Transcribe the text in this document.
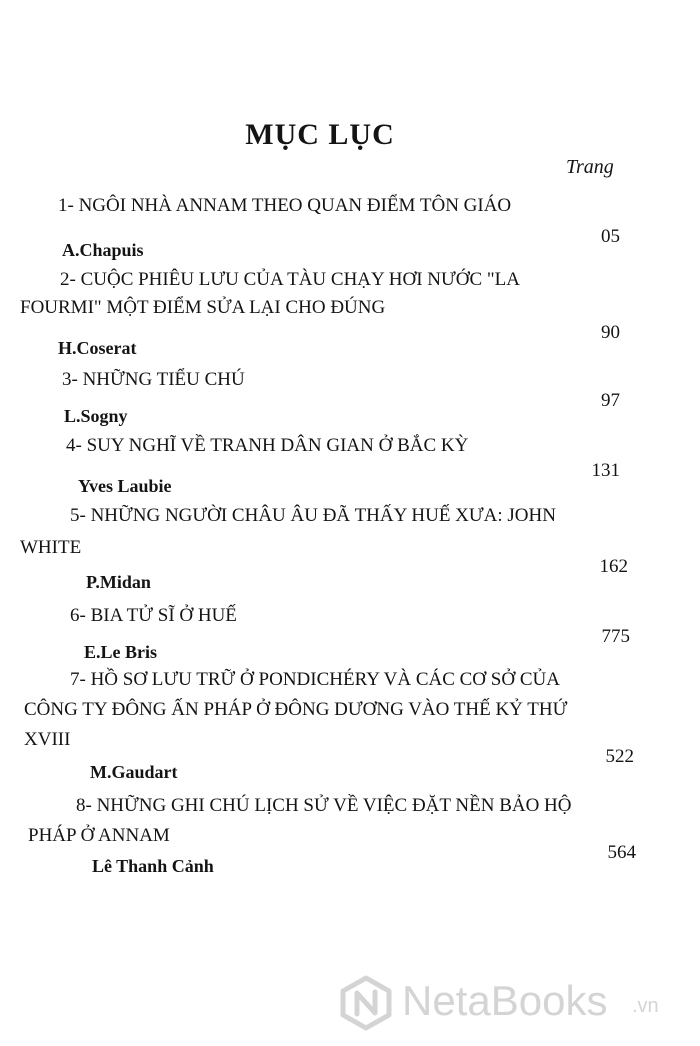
MỤC LỤC
Trang
1- NGÔI NHÀ ANNAM THEO QUAN ĐIỂM TÔN GIÁO
05
A.Chapuis
2- CUỘC PHIÊU LƯU CỦA TÀU CHẠY HƠI NƯỚC "LA
FOURMI" MỘT ĐIỂM SỬA LẠI CHO ĐÚNG
90
H.Coserat
3- NHỮNG TIỂU CHÚ
97
L.Sogny
4- SUY NGHĨ VỀ TRANH DÂN GIAN Ở BẮC KỲ
131
Yves Laubie
5- NHỮNG NGƯỜI CHÂU ÂU ĐÃ THẤY HUẾ XƯA: JOHN
WHITE
162
P.Midan
6- BIA TỬ SĨ Ở HUẾ
775
E.Le Bris
7- HỒ SƠ LƯU TRỮ Ở PONDICHÉRY VÀ CÁC CƠ SỞ CỦA
CÔNG TY ĐÔNG ẤN PHÁP Ở ĐÔNG DƯƠNG VÀO THẾ KỶ THỨ
XVIII
522
M.Gaudart
8- NHỮNG GHI CHÚ LỊCH SỬ VỀ VIỆC ĐẶT NỀN BẢO HỘ
PHÁP Ở ANNAM
564
Lê Thanh Cảnh
NetaBooks .vn
